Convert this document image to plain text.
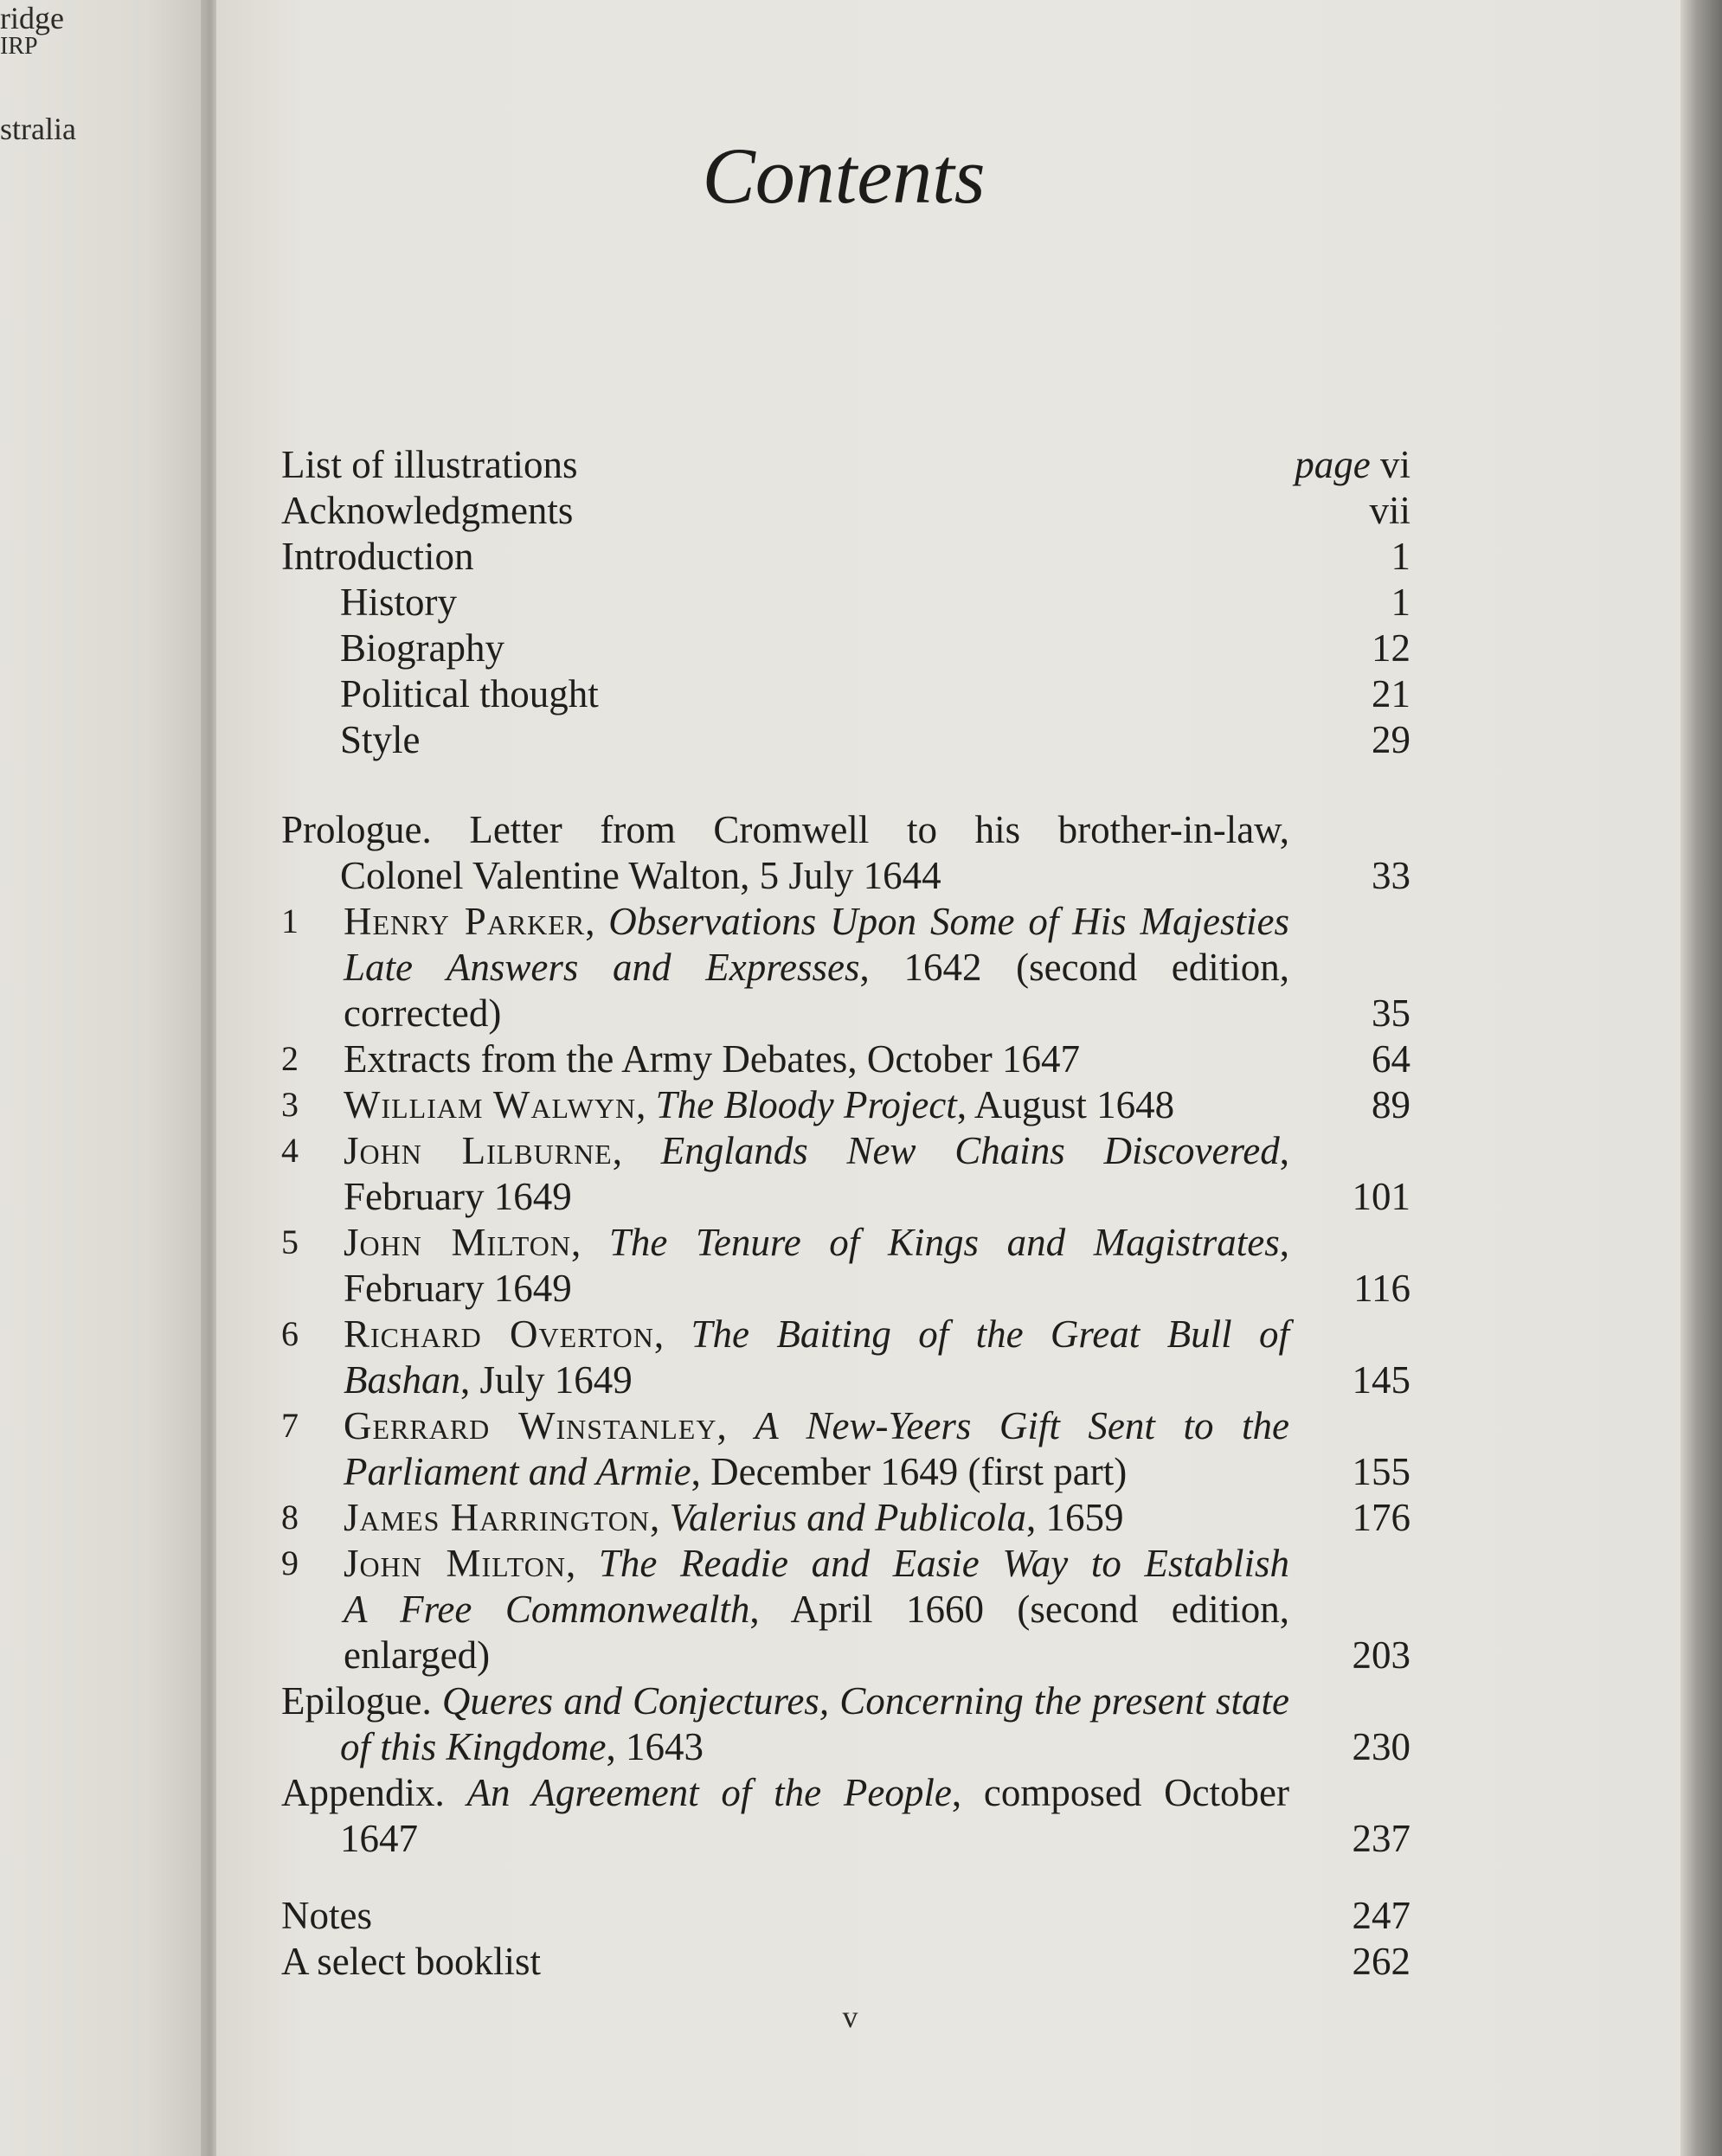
ridge
IRP
stralia
Contents
List of illustrations	page vi
Acknowledgments	vii
Introduction	1
History	1
Biography	12
Political thought	21
Style	29
Prologue. Letter from Cromwell to his brother-in-law,
Colonel Valentine Walton, 5 July 1644	33
1 Henry Parker, Observations Upon Some of His Majesties
Late Answers and Expresses, 1642 (second edition,
corrected)	35
2 Extracts from the Army Debates, October 1647	64
3 William Walwyn, The Bloody Project, August 1648	89
4 John Lilburne, Englands New Chains Discovered,
February 1649	101
5 John Milton, The Tenure of Kings and Magistrates,
February 1649	116
6 Richard Overton, The Baiting of the Great Bull of
Bashan, July 1649	145
7 Gerrard Winstanley, A New-Yeers Gift Sent to the
Parliament and Armie, December 1649 (first part)	155
8 James Harrington, Valerius and Publicola, 1659	176
9 John Milton, The Readie and Easie Way to Establish
A Free Commonwealth, April 1660 (second edition,
enlarged)	203
Epilogue. Queres and Conjectures, Concerning the present state
of this Kingdome, 1643	230
Appendix. An Agreement of the People, composed October
1647	237
Notes	247
A select booklist	262
v
